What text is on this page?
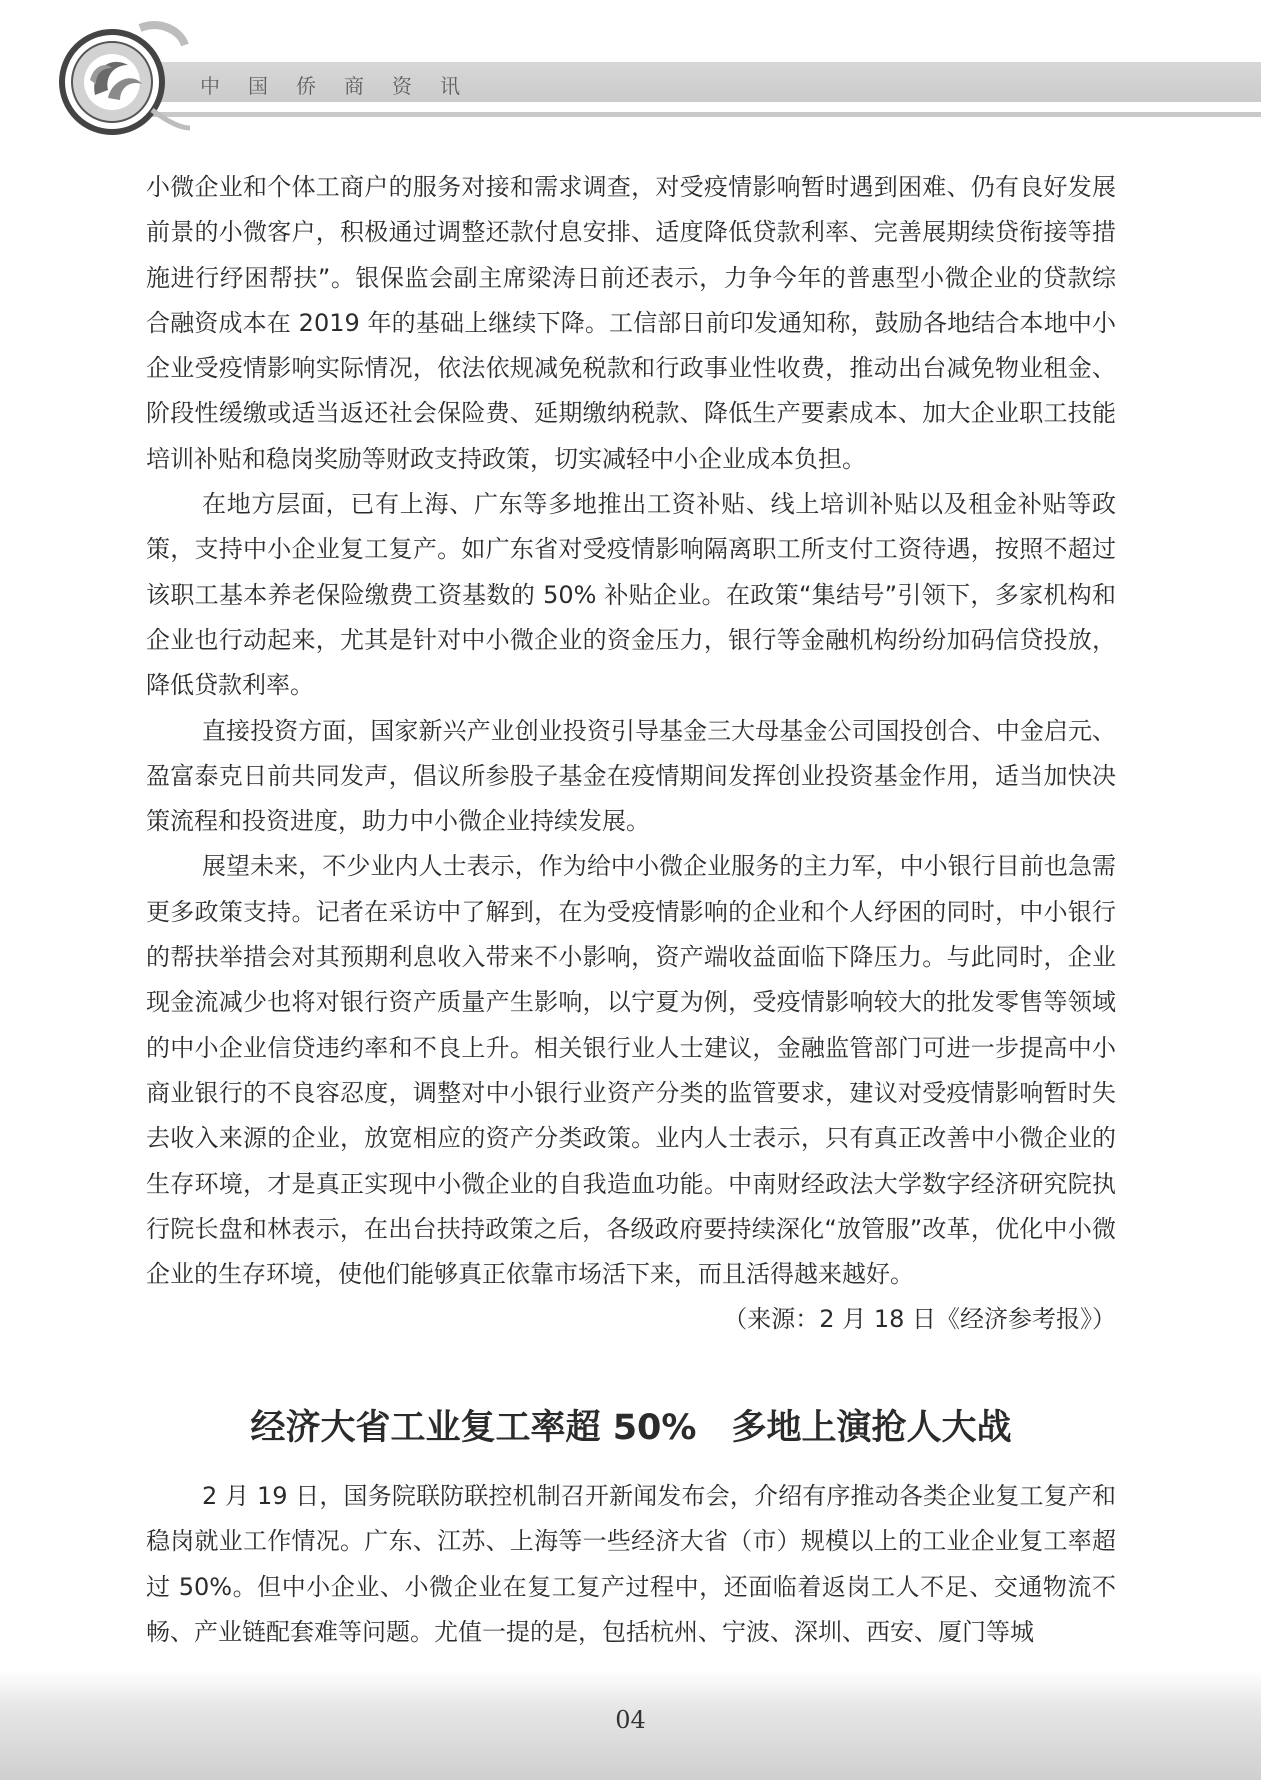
中国侨商资讯

小微企业和个体工商户的服务对接和需求调查，对受疫情影响暂时遇到困难、仍有良好发展前景的小微客户，积极通过调整还款付息安排、适度降低贷款利率、完善展期续贷衔接等措施进行纾困帮扶”。银保监会副主席梁涛日前还表示，力争今年的普惠型小微企业的贷款综合融资成本在 2019 年的基础上继续下降。工信部日前印发通知称，鼓励各地结合本地中小企业受疫情影响实际情况，依法依规减免税款和行政事业性收费，推动出台减免物业租金、阶段性缓缴或适当返还社会保险费、延期缴纳税款、降低生产要素成本、加大企业职工技能培训补贴和稳岗奖励等财政支持政策，切实减轻中小企业成本负担。

在地方层面，已有上海、广东等多地推出工资补贴、线上培训补贴以及租金补贴等政策，支持中小企业复工复产。如广东省对受疫情影响隔离职工所支付工资待遇，按照不超过该职工基本养老保险缴费工资基数的 50% 补贴企业。在政策“集结号”引领下，多家机构和企业也行动起来，尤其是针对中小微企业的资金压力，银行等金融机构纷纷加码信贷投放，降低贷款利率。

直接投资方面，国家新兴产业创业投资引导基金三大母基金公司国投创合、中金启元、盈富泰克日前共同发声，倡议所参股子基金在疫情期间发挥创业投资基金作用，适当加快决策流程和投资进度，助力中小微企业持续发展。

展望未来，不少业内人士表示，作为给中小微企业服务的主力军，中小银行目前也急需更多政策支持。记者在采访中了解到，在为受疫情影响的企业和个人纾困的同时，中小银行的帮扶举措会对其预期利息收入带来不小影响，资产端收益面临下降压力。与此同时，企业现金流减少也将对银行资产质量产生影响，以宁夏为例，受疫情影响较大的批发零售等领域的中小企业信贷违约率和不良上升。相关银行业人士建议，金融监管部门可进一步提高中小商业银行的不良容忍度，调整对中小银行业资产分类的监管要求，建议对受疫情影响暂时失去收入来源的企业，放宽相应的资产分类政策。业内人士表示，只有真正改善中小微企业的生存环境，才是真正实现中小微企业的自我造血功能。中南财经政法大学数字经济研究院执行院长盘和林表示，在出台扶持政策之后，各级政府要持续深化“放管服”改革，优化中小微企业的生存环境，使他们能够真正依靠市场活下来，而且活得越来越好。

（来源：2 月 18 日《经济参考报》）

经济大省工业复工率超 50%　多地上演抢人大战

2 月 19 日，国务院联防联控机制召开新闻发布会，介绍有序推动各类企业复工复产和稳岗就业工作情况。广东、江苏、上海等一些经济大省（市）规模以上的工业企业复工率超过 50%。但中小企业、小微企业在复工复产过程中，还面临着返岗工人不足、交通物流不畅、产业链配套难等问题。尤值一提的是，包括杭州、宁波、深圳、西安、厦门等城

04
